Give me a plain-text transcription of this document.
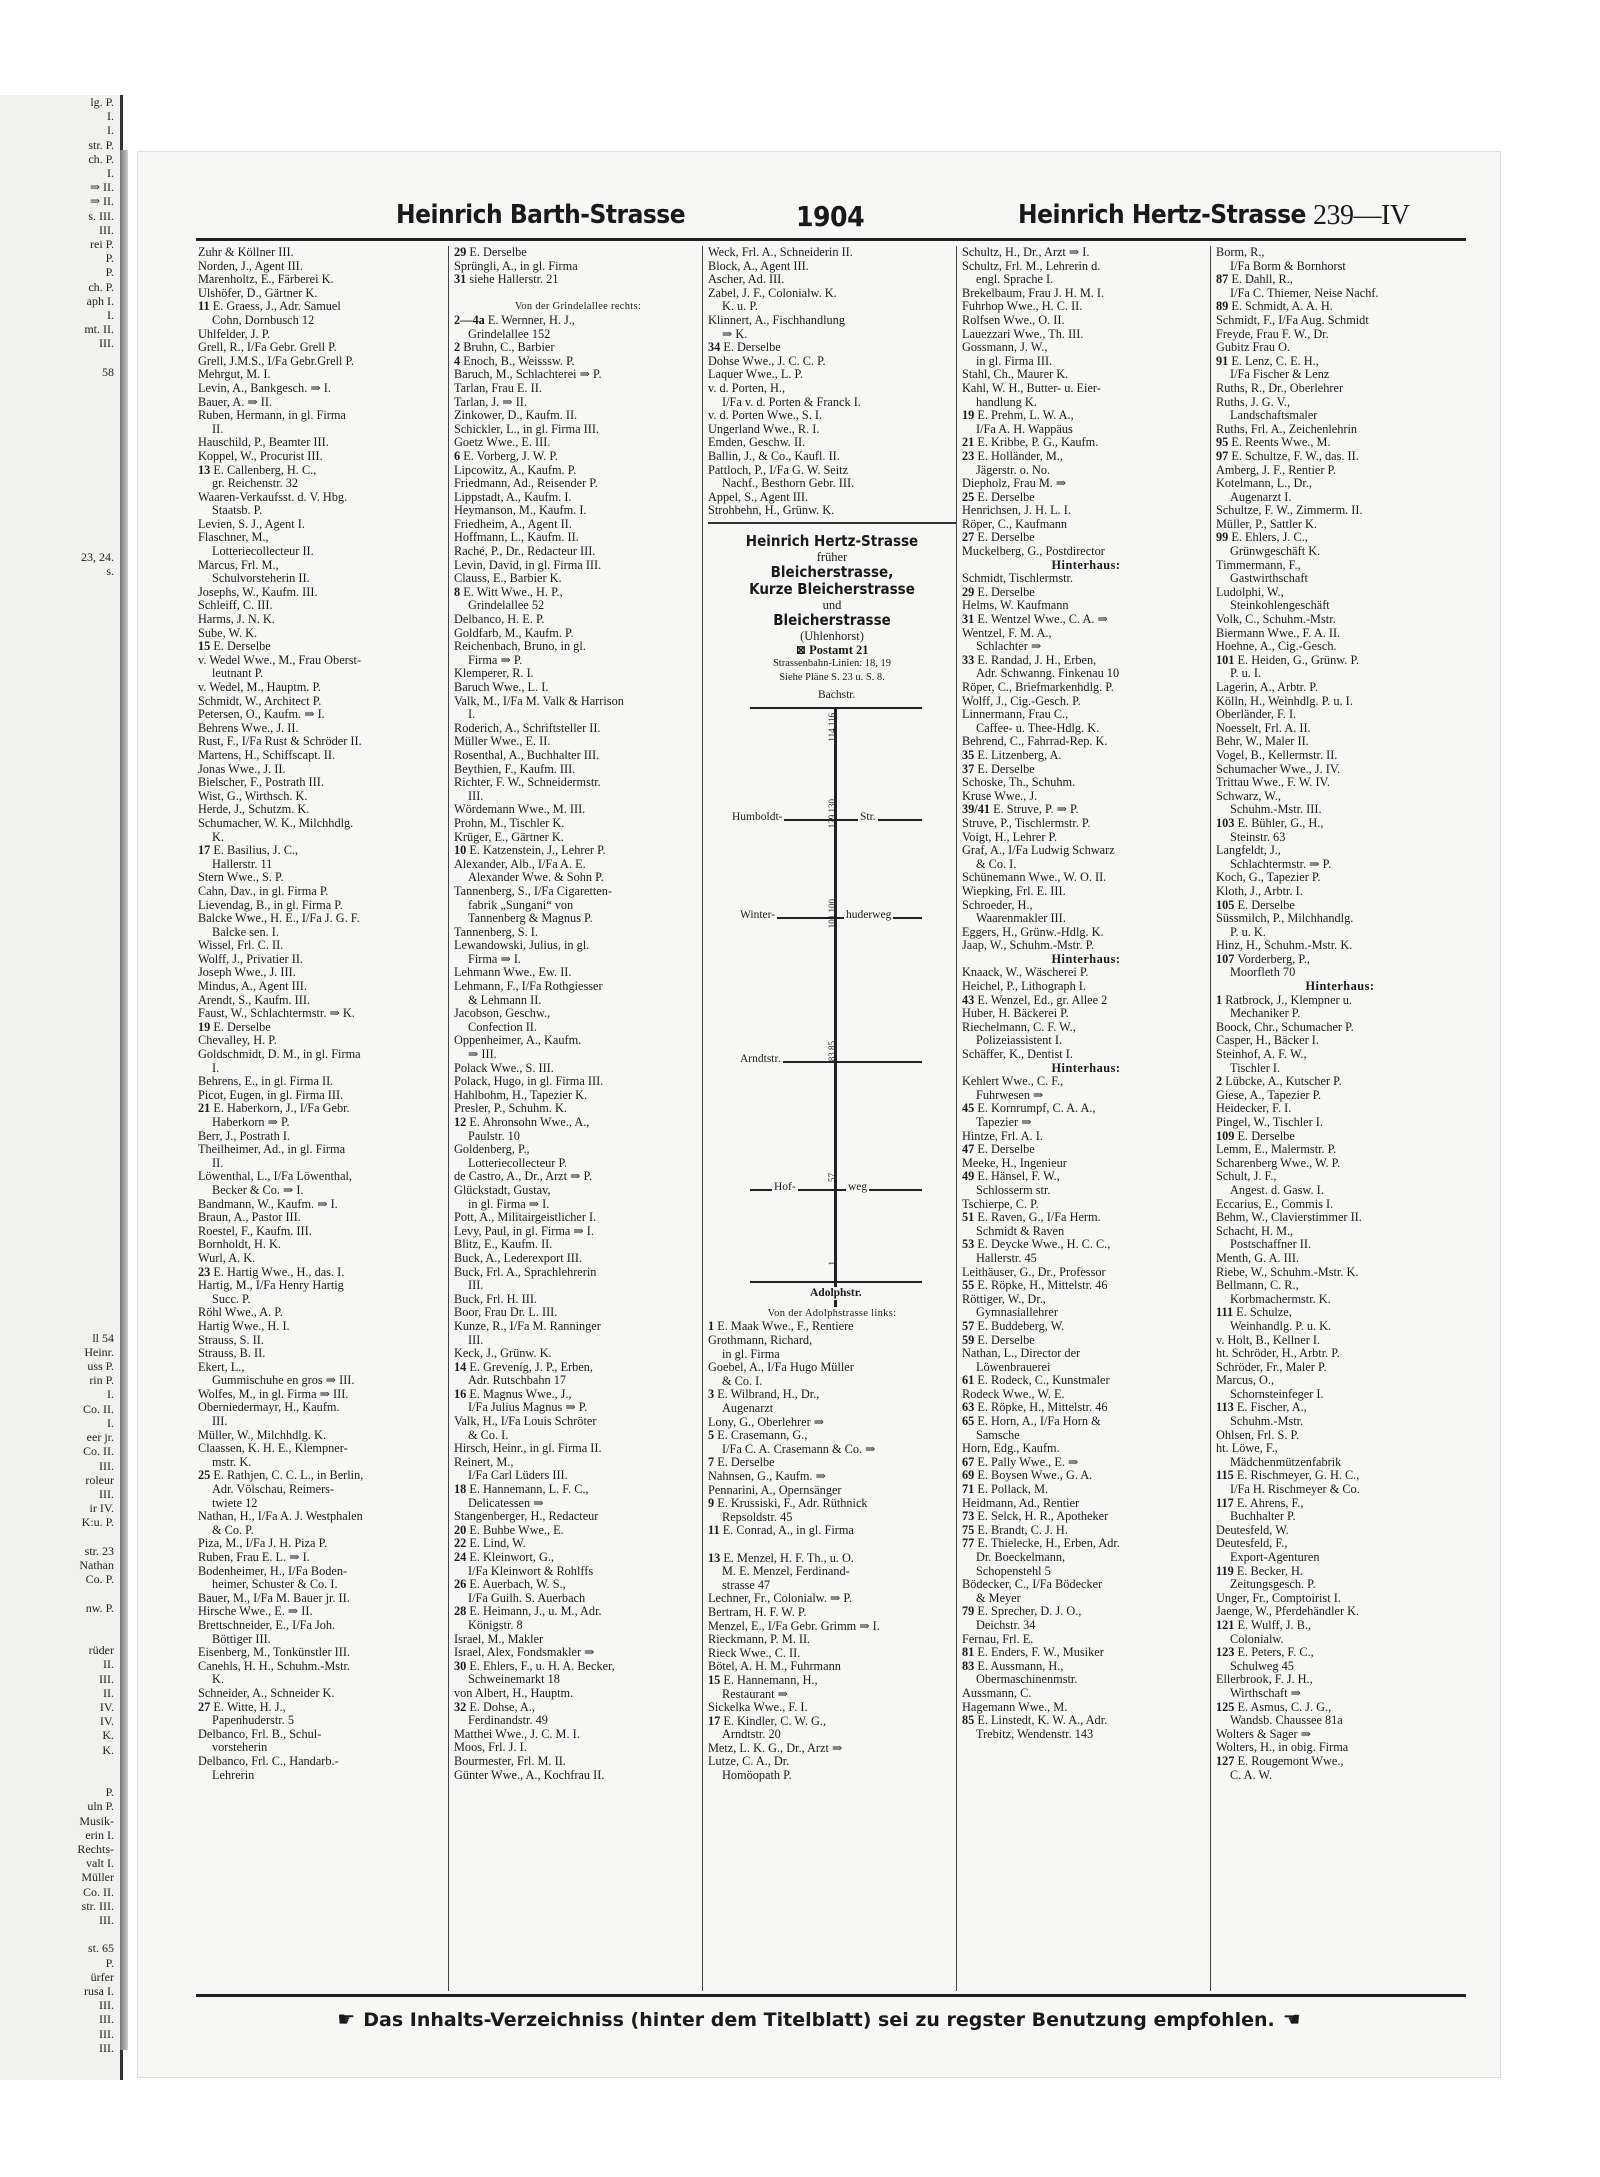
lg. P.
I.
I.
str. P.
ch. P.
I.
⇒ II.
⇒ II.
s. III.
III.
rei P.
P.
P.
ch. P.
aph I.
I.
mt. II.
III.

58

23, 24.
s.

ll 54
Heinr.
uss P.
rin P.
I.
Co. II.
I.
eer jr.
Co. II.
III.
roleur
III.
ir IV.
K:u. P.

str. 23
Nathan
Co. P.

nw. P.

rüder
II.
III.
II.
IV.
IV.
K.
K.

P.
uln P.
Musik-
erin I.
Rechts-
valt I.
Müller
Co. II.
str. III.
III.

st. 65
P.
ürfer
rusa I.
III.
III.
III.
III.
Heinrich Barth-Strasse	1904	Heinrich Hertz-Strasse 239—IV
Zuhr & Köllner III.
Norden, J., Agent III.
Marenholtz, E., Färberei K.
Ulshöfer, D., Gärtner K.
11 E. Graess, J., Adr. Samuel
Cohn, Dornbusch 12
Uhlfelder, J. P.
Grell, R., I/Fa Gebr. Grell P.
Grell, J.M.S., I/Fa Gebr.Grell P.
Mehrgut, M. I.
Levin, A., Bankgesch. ⇒ I.
Bauer, A. ⇒ II.
Ruben, Hermann, in gl. Firma
II.
Hauschild, P., Beamter III.
Koppel, W., Procurist III.
13 E. Callenberg, H. C.,
gr. Reichenstr. 32
Waaren-Verkaufsst. d. V. Hbg.
Staatsb. P.
Levien, S. J., Agent I.
Flaschner, M.,
Lotteriecollecteur II.
Marcus, Frl. M.,
Schulvorsteherin II.
Josephs, W., Kaufm. III.
Schleiff, C. III.
Harms, J. N. K.
Sube, W. K.
15 E. Derselbe
v. Wedel Wwe., M., Frau Oberst-
leutnant P.
v. Wedel, M., Hauptm. P.
Schmidt, W., Architect P.
Petersen, O., Kaufm. ⇒ I.
Behrens Wwe., J. II.
Rust, F., I/Fa Rust & Schröder II.
Martens, H., Schiffscapt. II.
Jonas Wwe., J. II.
Bielscher, F., Postrath III.
Wist, G., Wirthsch. K.
Herde, J., Schutzm. K.
Schumacher, W. K., Milchhdlg.
K.
17 E. Basilius, J. C.,
Hallerstr. 11
Stern Wwe., S. P.
Cahn, Dav., in gl. Firma P.
Lievendag, B., in gl. Firma P.
Balcke Wwe., H. E., I/Fa J. G. F.
Balcke sen. I.
Wissel, Frl. C. II.
Wolff, J., Privatier II.
Joseph Wwe., J. III.
Mindus, A., Agent III.
Arendt, S., Kaufm. III.
Faust, W., Schlachtermstr. ⇒ K.
19 E. Derselbe
Chevalley, H. P.
Goldschmidt, D. M., in gl. Firma
I.
Behrens, E., in gl. Firma II.
Picot, Eugen, in gl. Firma III.
21 E. Haberkorn, J., I/Fa Gebr.
Haberkorn ⇒ P.
Berr, J., Postrath I.
Theilheimer, Ad., in gl. Firma
II.
Löwenthal, L., I/Fa Löwenthal,
Becker & Co. ⇒ I.
Bandmann, W., Kaufm. ⇒ I.
Braun, A., Pastor III.
Roestel, F., Kaufm. III.
Bornholdt, H. K.
Wurl, A. K.
23 E. Hartig Wwe., H., das. I.
Hartig, M., I/Fa Henry Hartig
Succ. P.
Röhl Wwe., A. P.
Hartig Wwe., H. I.
Strauss, S. II.
Strauss, B. II.
Ekert, L.,
Gummischuhe en gros ⇒ III.
Wolfes, M., in gl. Firma ⇒ III.
Oberniedermayr, H., Kaufm.
III.
Müller, W., Milchhdlg. K.
Claassen, K. H. E., Klempner-
mstr. K.
25 E. Rathjen, C. C. L., in Berlin,
Adr. Völschau, Reimers-
twiete 12
Nathan, H., I/Fa A. J. Westphalen
& Co. P.
Piza, M., I/Fa J. H. Piza P.
Ruben, Frau E. L. ⇒ I.
Bodenheimer, H., I/Fa Boden-
heimer, Schuster & Co. I.
Bauer, M., I/Fa M. Bauer jr. II.
Hirsche Wwe., E. ⇒ II.
Brettschneider, E., I/Fa Joh.
Böttiger III.
Eisenberg, M., Tonkünstler III.
Canehls, H. H., Schuhm.-Mstr.
K.
Schneider, A., Schneider K.
27 E. Witte, H. J.,
Papenhuderstr. 5
Delbanco, Frl. B., Schul-
vorsteherin
Delbanco, Frl. C., Handarb.-
Lehrerin
29 E. Derselbe
Sprüngli, A., in gl. Firma
31 siehe Hallerstr. 21

Von der Grindelallee rechts:
2—4a E. Wernner, H. J.,
Grindelallee 152
2 Bruhn, C., Barbier
4 Enoch, B., Weisssw. P.
Baruch, M., Schlachterei ⇒ P.
Tarlan, Frau E. II.
Tarlan, J. ⇒ II.
Zinkower, D., Kaufm. II.
Schickler, L., in gl. Firma III.
Goetz Wwe., E. III.
6 E. Vorberg, J. W. P.
Lipcowitz, A., Kaufm. P.
Friedmann, Ad., Reisender P.
Lippstadt, A., Kaufm. I.
Heymanson, M., Kaufm. I.
Friedheim, A., Agent II.
Hoffmann, L., Kaufm. II.
Raché, P., Dr., Redacteur III.
Levin, David, in gl. Firma III.
Clauss, E., Barbier K.
8 E. Witt Wwe., H. P.,
Grindelallee 52
Delbanco, H. E. P.
Goldfarb, M., Kaufm. P.
Reichenbach, Bruno, in gl.
Firma ⇒ P.
Klemperer, R. I.
Baruch Wwe., L. I.
Valk, M., I/Fa M. Valk & Harrison
I.
Roderich, A., Schriftsteller II.
Müller Wwe., E. II.
Rosenthal, A., Buchhalter III.
Beythien, F., Kaufm. III.
Richter, F. W., Schneidermstr.
III.
Wördemann Wwe., M. III.
Prohn, M., Tischler K.
Krüger, E., Gärtner K.
10 E. Katzenstein, J., Lehrer P.
Alexander, Alb., I/Fa A. E.
Alexander Wwe. & Sohn P.
Tannenberg, S., I/Fa Cigaretten-
fabrik „Sungani“ von
Tannenberg & Magnus P.
Tannenberg, S. I.
Lewandowski, Julius, in gl.
Firma ⇒ I.
Lehmann Wwe., Ew. II.
Lehmann, F., I/Fa Rothgiesser
& Lehmann II.
Jacobson, Geschw.,
Confection II.
Oppenheimer, A., Kaufm.
⇒ III.
Polack Wwe., S. III.
Polack, Hugo, in gl. Firma III.
Hahlbohm, H., Tapezier K.
Presler, P., Schuhm. K.
12 E. Ahronsohn Wwe., A.,
Paulstr. 10
Goldenberg, P.,
Lotteriecollecteur P.
de Castro, A., Dr., Arzt ⇒ P.
Glückstadt, Gustav,
in gl. Firma ⇒ I.
Pott, A., Militairgeistlicher I.
Levy, Paul, in gl. Firma ⇒ I.
Blitz, E., Kaufm. II.
Buck, A., Lederexport III.
Buck, Frl. A., Sprachlehrerin
III.
Buck, Frl. H. III.
Boor, Frau Dr. L. III.
Kunze, R., I/Fa M. Ranninger
III.
Keck, J., Grünw. K.
14 E. Greveníg, J. P., Erben,
Adr. Rutschbahn 17
16 E. Magnus Wwe., J.,
I/Fa Julius Magnus ⇒ P.
Valk, H., I/Fa Louis Schröter
& Co. I.
Hirsch, Heinr., in gl. Firma II.
Reinert, M.,
I/Fa Carl Lüders III.
18 E. Hannemann, L. F. C.,
Delicatessen ⇒
Stangenberger, H., Redacteur
20 E. Buhbe Wwe., E.
22 E. Lind, W.
24 E. Kleinwort, G.,
I/Fa Kleinwort & Rohlffs
26 E. Auerbach, W. S.,
I/Fa Guilh. S. Auerbach
28 E. Heimann, J., u. M., Adr.
Königstr. 8
Israel, M., Makler
Israel, Alex, Fondsmakler ⇒
30 E. Ehlers, F., u. H. A. Becker,
Schweinemarkt 18
von Albert, H., Hauptm.
32 E. Dohse, A.,
Ferdinandstr. 49
Matthei Wwe., J. C. M. I.
Moos, Frl. J. I.
Bourmester, Frl. M. II.
Günter Wwe., A., Kochfrau II.
Weck, Frl. A., Schneiderin II.
Block, A., Agent III.
Ascher, Ad. III.
Zabel, J. F., Colonialw. K.
K. u. P.
Klinnert, A., Fischhandlung
⇒ K.
34 E. Derselbe
Dohse Wwe., J. C. C. P.
Laquer Wwe., L. P.
v. d. Porten, H.,
I/Fa v. d. Porten & Franck I.
v. d. Porten Wwe., S. I.
Ungerland Wwe., R. I.
Emden, Geschw. II.
Ballin, J., & Co., Kaufl. II.
Pattloch, P., I/Fa G. W. Seitz
Nachf., Besthorn Gebr. III.
Appel, S., Agent III.
Strohbehn, H., Grünw. K.
Heinrich Hertz-Strasse
früher
Bleicherstrasse,
Kurze Bleicherstrasse
und
Bleicherstrasse
(Uhlenhorst)
⊠ Postamt 21
Strassenbahn-Linien: 18, 19
Siehe Pläne S. 23 u. S. 8.
Bachstr.
114 116
Humboldt-	Str.
129 130
Winter-	huderweg
101 100
Arndtstr.	83 85
Hof-	weg
57
1
Adolphstr.
Von der Adolphstrasse links:
1 E. Maak Wwe., F., Rentiere
Grothmann, Richard,
in gl. Firma
Goebel, A., I/Fa Hugo Müller
& Co. I.
3 E. Wilbrand, H., Dr.,
Augenarzt
Lony, G., Oberlehrer ⇒
5 E. Crasemann, G.,
I/Fa C. A. Crasemann & Co. ⇒
7 E. Derselbe
Nahnsen, G., Kaufm. ⇒
Pennarini, A., Opernsänger
9 E. Krussiski, F., Adr. Rüthnick
Repsoldstr. 45
11 E. Conrad, A., in gl. Firma

13 E. Menzel, H. F. Th., u. O.
M. E. Menzel, Ferdinand-
strasse 47
Lechner, Fr., Colonialw. ⇒ P.
Bertram, H. F. W. P.
Menzel, E., I/Fa Gebr. Grimm ⇒ I.
Rieckmann, P. M. II.
Rieck Wwe., C. II.
Bötel, A. H. M., Fuhrmann
15 E. Hannemann, H.,
Restaurant ⇒
Sickelka Wwe., F. I.
17 E. Kindler, C. W. G.,
Arndtstr. 20
Metz, L. K. G., Dr., Arzt ⇒
Lutze, C. A., Dr.
Homöopath P.
Schultz, H., Dr., Arzt ⇒ I.
Schultz, Frl. M., Lehrerin d.
engl. Sprache I.
Brekelbaum, Frau J. H. M. I.
Fuhrhop Wwe., H. C. II.
Rolfsen Wwe., O. II.
Lauezzari Wwe., Th. III.
Gossmann, J. W.,
in gl. Firma III.
Stahl, Ch., Maurer K.
Kahl, W. H., Butter- u. Eier-
handlung K.
19 E. Prehm, L. W. A.,
I/Fa A. H. Wappäus
21 E. Kribbe, P. G., Kaufm.
23 E. Holländer, M.,
Jägerstr. o. No.
Diepholz, Frau M. ⇒
25 E. Derselbe
Henrichsen, J. H. L. I.
Röper, C., Kaufmann
27 E. Derselbe
Muckelberg, G., Postdirector
Hinterhaus:
Schmidt, Tischlermstr.
29 E. Derselbe
Helms, W. Kaufmann
31 E. Wentzel Wwe., C. A. ⇒
Wentzel, F. M. A.,
Schlachter ⇒
33 E. Randad, J. H., Erben,
Adr. Schwanng. Finkenau 10
Röper, C., Briefmarkenhdlg. P.
Wolff, J., Cig.-Gesch. P.
Linnermann, Frau C.,
Caffee- u. Thee-Hdlg. K.
Behrend, C., Fahrrad-Rep. K.
35 E. Litzenberg, A.
37 E. Derselbe
Schoske, Th., Schuhm.
Kruse Wwe., J.
39/41 E. Struve, P. ⇒ P.
Struve, P., Tischlermstr. P.
Voigt, H., Lehrer P.
Graf, A., I/Fa Ludwig Schwarz
& Co. I.
Schünemann Wwe., W. O. II.
Wiepking, Frl. E. III.
Schroeder, H.,
Waarenmakler III.
Eggers, H., Grünw.-Hdlg. K.
Jaap, W., Schuhm.-Mstr. P.
Hinterhaus:
Knaack, W., Wäscherei P.
Heichel, P., Lithograph I.
43 E. Wenzel, Ed., gr. Allee 2
Huber, H. Bäckerei P.
Riechelmann, C. F. W.,
Polizeiassistent I.
Schäffer, K., Dentist I.
Hinterhaus:
Kehlert Wwe., C. F.,
Fuhrwesen ⇒
45 E. Kornrumpf, C. A. A.,
Tapezier ⇒
Hintze, Frl. A. I.
47 E. Derselbe
Meeke, H., Ingenieur
49 E. Hänsel, F. W.,
Schlosserm str.
Tschierpe, C. P.
51 E. Raven, G., I/Fa Herm.
Schmidt & Raven
53 E. Deycke Wwe., H. C. C.,
Hallerstr. 45
Leithäuser, G., Dr., Professor
55 E. Röpke, H., Mittelstr. 46
Röttiger, W., Dr.,
Gymnasiallehrer
57 E. Buddeberg, W.
59 E. Derselbe
Nathan, L., Director der
Löwenbrauerei
61 E. Rodeck, C., Kunstmaler
Rodeck Wwe., W. E.
63 E. Röpke, H., Mittelstr. 46
65 E. Horn, A., I/Fa Horn &
Samsche
Horn, Edg., Kaufm.
67 E. Pally Wwe., E. ⇒
69 E. Boysen Wwe., G. A.
71 E. Pollack, M.
Heidmann, Ad., Rentier
73 E. Selck, H. R., Apotheker
75 E. Brandt, C. J. H.
77 E. Thielecke, H., Erben, Adr.
Dr. Boeckelmann,
Schopenstehl 5
Bödecker, C., I/Fa Bödecker
& Meyer
79 E. Sprecher, D. J. O.,
Deichstr. 34
Fernau, Frl. E.
81 E. Enders, F. W., Musiker
83 E. Aussmann, H.,
Obermaschinenmstr.
Aussmann, C.
Hagemann Wwe., M.
85 E. Linstedt, K. W. A., Adr.
Trebitz, Wendenstr. 143
Borm, R.,
I/Fa Borm & Bornhorst
87 E. Dahll, R.,
I/Fa C. Thiemer, Neise Nachf.
89 E. Schmidt, A. A. H.
Schmidt, F., I/Fa Aug. Schmidt
Freyde, Frau F. W., Dr.
Gubitz Frau O.
91 E. Lenz, C. E. H.,
I/Fa Fischer & Lenz
Ruths, R., Dr., Oberlehrer
Ruths, J. G. V.,
Landschaftsmaler
Ruths, Frl. A., Zeichenlehrin
95 E. Reents Wwe., M.
97 E. Schultze, F. W., das. II.
Amberg, J. F., Rentier P.
Kotelmann, L., Dr.,
Augenarzt I.
Schultze, F. W., Zimmerm. II.
Müller, P., Sattler K.
99 E. Ehlers, J. C.,
Grünwgeschäft K.
Timmermann, F.,
Gastwirthschaft
Ludolphi, W.,
Steinkohlengeschäft
Volk, C., Schuhm.-Mstr.
Biermann Wwe., F. A. II.
Hoehne, A., Cig.-Gesch.
101 E. Heiden, G., Grünw. P.
P. u. I.
Lagerin, A., Arbtr. P.
Kölln, H., Weinhdlg. P. u. I.
Oberländer, F. I.
Noesselt, Frl. A. II.
Behr, W., Maler II.
Vogel, B., Kellermstr. II.
Schumacher Wwe., J. IV.
Trittau Wwe., F. W. IV.
Schwarz, W.,
Schuhm.-Mstr. III.
103 E. Bühler, G., H.,
Steinstr. 63
Langfeldt, J.,
Schlachtermstr. ⇒ P.
Koch, G., Tapezier P.
Kloth, J., Arbtr. I.
105 E. Derselbe
Süssmilch, P., Milchhandlg.
P. u. K.
Hinz, H., Schuhm.-Mstr. K.
107 Vorderberg, P.,
Moorfleth 70
Hinterhaus:
1 Ratbrock, J., Klempner u.
Mechaniker P.
Boock, Chr., Schumacher P.
Casper, H., Bäcker I.
Steinhof, A. F. W.,
Tischler I.
2 Lübcke, A., Kutscher P.
Giese, A., Tapezier P.
Heidecker, F. I.
Pingel, W., Tischler I.
109 E. Derselbe
Lemm, E., Malermstr. P.
Scharenberg Wwe., W. P.
Schult, J. F.,
Angest. d. Gasw. I.
Eccarius, E., Commis I.
Behm, W., Clavierstimmer II.
Schacht, H. M.,
Postschaffner II.
Menth, G. A. III.
Riebe, W., Schuhm.-Mstr. K.
Bellmann, C. R.,
Korbmachermstr. K.
111 E. Schulze,
Weinhandlg. P. u. K.
v. Holt, B., Kellner I.
ht. Schröder, H., Arbtr. P.
Schröder, Fr., Maler P.
Marcus, O.,
Schornsteinfeger I.
113 E. Fischer, A.,
Schuhm.-Mstr.
Ohlsen, Frl. S. P.
ht. Löwe, F.,
Mädchenmützenfabrik
115 E. Rischmeyer, G. H. C.,
I/Fa H. Rischmeyer & Co.
117 E. Ahrens, F.,
Buchhalter P.
Deutesfeld, W.
Deutesfeld, F.,
Export-Agenturen
119 E. Becker, H.
Zeitungsgesch. P.
Unger, Fr., Comptoirist I.
Jaenge, W., Pferdehändler K.
121 E. Wulff, J. B.,
Colonialw.
123 E. Peters, F. C.,
Schulweg 45
Ellerbrook, F. J. H.,
Wirthschaft ⇒
125 E. Asmus, C. J. G.,
Wandsb. Chaussee 81a
Wolters & Sager ⇒
Wolters, H., in obig. Firma
127 E. Rougemont Wwe.,
C. A. W.
☛ Das Inhalts-Verzeichniss (hinter dem Titelblatt) sei zu regster Benutzung empfohlen. ☚
